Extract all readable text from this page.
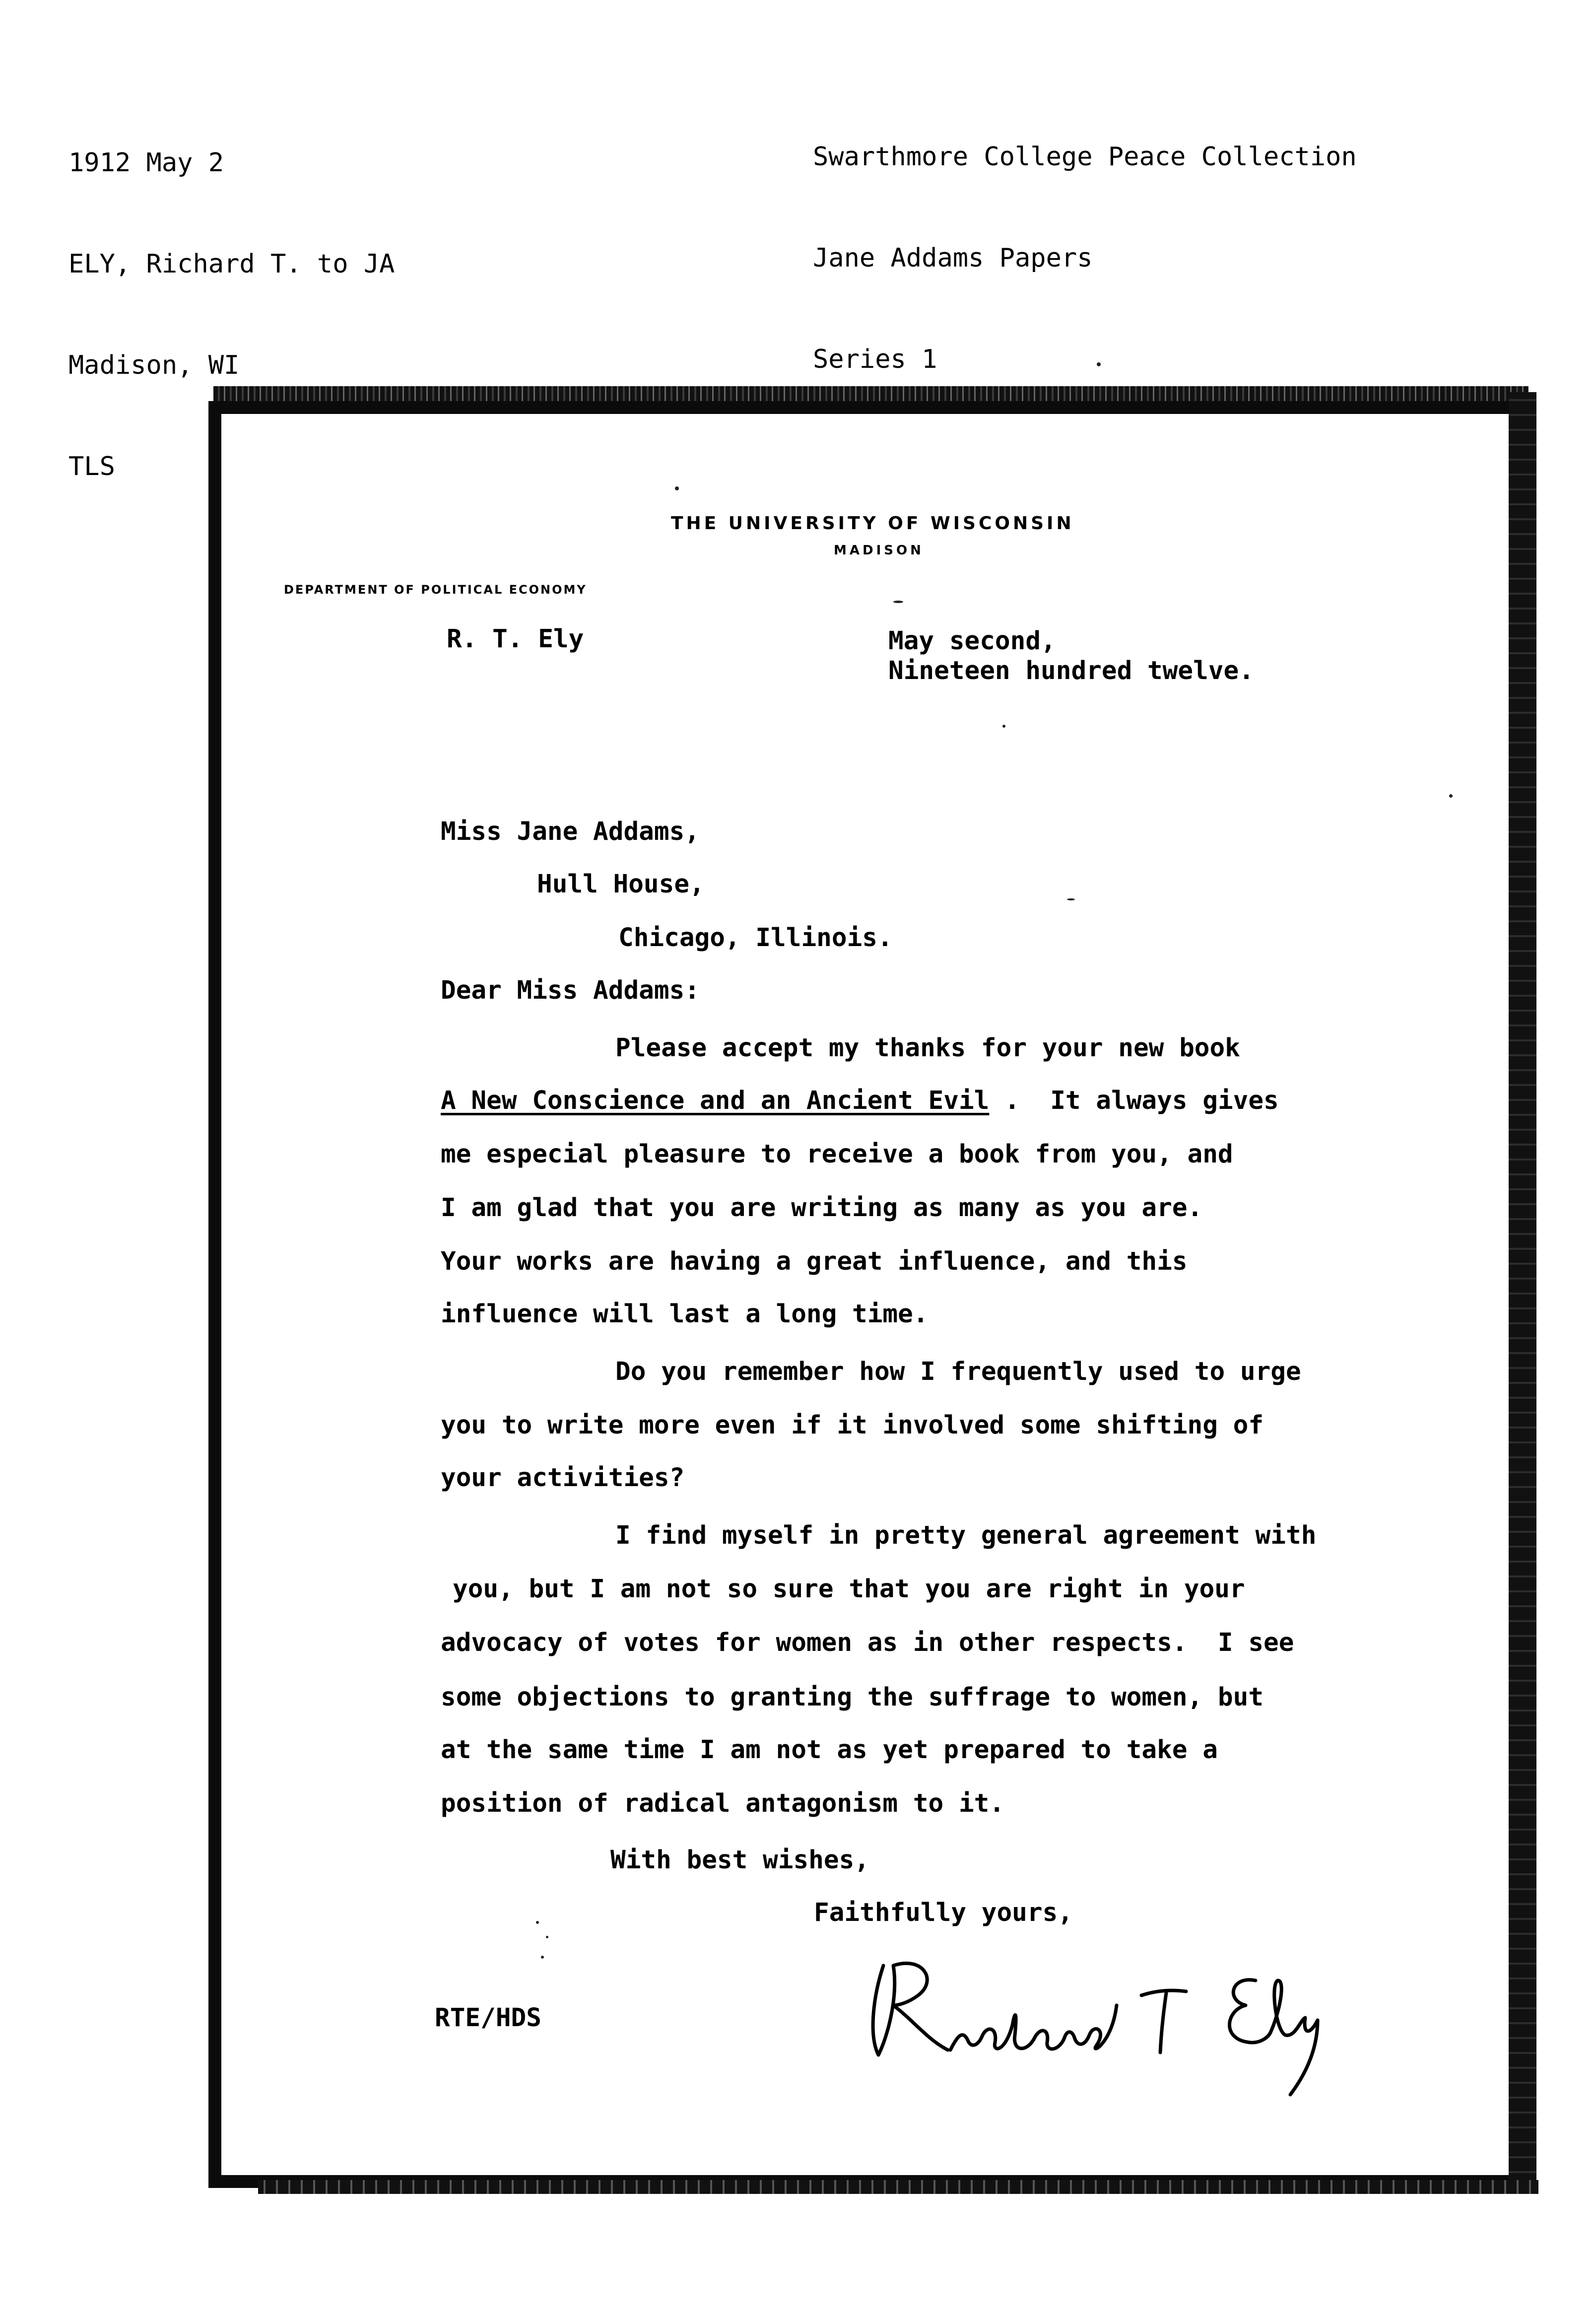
1912 May 2

ELY, Richard T. to JA

Madison, WI

TLS

Swarthmore College Peace Collection

Jane Addams Papers

Series 1

THE UNIVERSITY OF WISCONSIN
MADISON
DEPARTMENT OF POLITICAL ECONOMY
R. T. Ely	May second,
Nineteen hundred twelve.
Miss Jane Addams,
Hull House,
Chicago, Illinois.
Dear Miss Addams:
Please accept my thanks for your new book
A New Conscience and an Ancient Evil .  It always gives
me especial pleasure to receive a book from you, and
I am glad that you are writing as many as you are.
Your works are having a great influence, and this
influence will last a long time.
Do you remember how I frequently used to urge
you to write more even if it involved some shifting of
your activities?
I find myself in pretty general agreement with
you, but I am not so sure that you are right in your
advocacy of votes for women as in other respects.  I see
some objections to granting the suffrage to women, but
at the same time I am not as yet prepared to take a
position of radical antagonism to it.
With best wishes,
Faithfully yours,
RTE/HDS
